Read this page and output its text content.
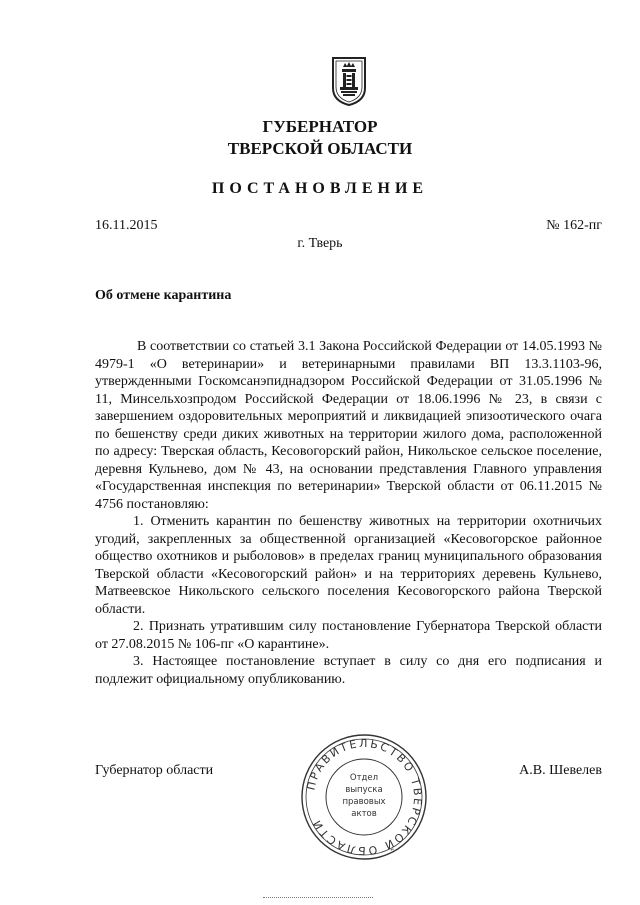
ГУБЕРНАТОР
ТВЕРСКОЙ ОБЛАСТИ
ПОСТАНОВЛЕНИЕ
16.11.2015	№ 162-пг
г. Тверь
Об отмене карантина

В соответствии со статьей 3.1 Закона Российской Федерации от 14.05.1993 № 4979-1 «О ветеринарии» и ветеринарными правилами ВП 13.3.1103-96, утвержденными Госкомсанэпиднадзором Российской Федерации от 31.05.1996 № 11, Минсельхозпродом Российской Федерации от 18.06.1996 № 23, в связи с завершением оздоровительных мероприятий и ликвидацией эпизоотического очага по бешенству среди диких животных на территории жилого дома, расположенной по адресу: Тверская область, Кесовогорский район, Никольское сельское поселение, деревня Кульнево, дом № 43, на основании представления Главного управления «Государственная инспекция по ветеринарии» Тверской области от 06.11.2015 № 4756 постановляю:

1. Отменить карантин по бешенству животных на территории охотничьих угодий, закрепленных за общественной организацией «Кесовогорское районное общество охотников и рыболовов» в пределах границ муниципального образования Тверской области «Кесовогорский район» и на территориях деревень Кульнево, Матвеевское Никольского сельского поселения Кесовогорского района Тверской области.

2. Признать утратившим силу постановление Губернатора Тверской области от 27.08.2015 № 106-пг «О карантине».

3. Настоящее постановление вступает в силу со дня его подписания и подлежит официальному опубликованию.

Губернатор области	А.В. Шевелев
ПРАВИТЕЛЬСТВО ТВЕРСКОЙ ОБЛАСТИ
Отдел
выпуска
правовых
актов
